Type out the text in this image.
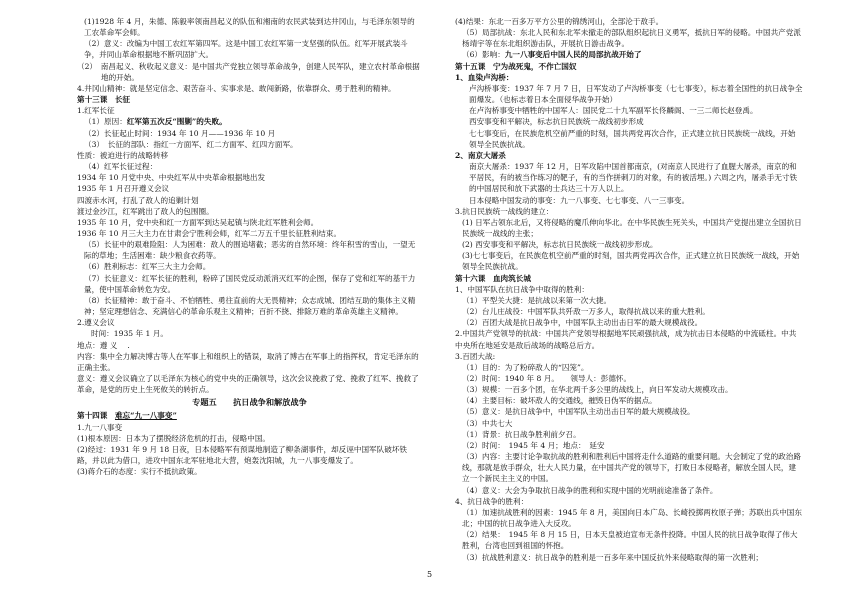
(1)1928 年 4 月，朱德、陈毅率领南昌起义的队伍和湘南的农民武装到达井冈山，与毛泽东领导的工农革命军会师。

（2）意义：改编为中国工农红军第四军。这是中国工农红军第一支坚强的队伍。红军开展武装斗争，并同山革命根据地不断巩固扩大。

（2）　南昌起义、秋收起义意义：是中国共产党独立领导革命战争，创建人民军队，建立农村革命根据地的开始。

4.井冈山精神：就是坚定信念、艰苦奋斗、实事求是、敢闯新路，依靠群众、勇于胜利的精神。

第十三课　长征

1.红军长征

（1）原因：红军第五次反“围剿”的失败。

（2）长征起止时间：1934 年 10 月——1936 年 10 月

（3）　长征的部队：指红一方面军、红二方面军、红四方面军。

性质：被迫进行的战略转移

（4）红军长征过程：

1934 年 10 月党中央、中央红军从中央革命根据地出发

1935 年 1 月召开遵义会议

四渡赤水河，打乱了敌人的追剿计划

渡过金沙江，红军跳出了敌人的包围圈。

1935 年 10 月，党中央和红一方面军到达吴起镇与陕北红军胜利会师。

1936 年 10 月三大主力在甘肃会宁胜利会师，红军二万五千里长征胜利结束。

（5）长征中的艰难险阻：人为困难：敌人的围追堵截；恶劣的自然环境：终年积雪的雪山，一望无际的草地；生活困难：缺少粮食衣药等。

（6）胜利标志：红军三大主力会师。

（7）长征意义：红军长征的胜利，粉碎了国民党反动派消灭红军的企图，保存了党和红军的基干力量，使中国革命转危为安。

（8）长征精神：敢于奋斗、不怕牺牲、勇往直前的大无畏精神；众志成城、团结互助的集体主义精神；坚定理想信念、充满信心的革命乐观主义精神；百折不挠、排除万难的革命英雄主义精神。

2.遵义会议

时间：1935 年 1 月。

地点：遵 义 　.

内容：集中全力解决博古等人在军事上和组织上的错误，取消了博古在军事上的指挥权，肯定毛泽东的正确主张。

意义：遵义会议确立了以毛泽东为核心的党中央的正确领导，这次会议挽救了党、挽救了红军、挽救了革命，是党的历史上生死攸关的转折点。

专题五　　抗日战争和解放战争

第十四课　难忘“九一八事变”

1.九一八事变

(1)根本原因：日本为了摆脱经济危机的打击，侵略中国。

(2)经过：1931 年 9 月 18 日夜，日本侵略军有预谋地制造了柳条湖事件，却反诬中国军队破坏铁路，并以此为借口，进攻中国东北军驻地北大营，炮轰沈阳城，九一八事变爆发了。

(3)蒋介石的态度：实行不抵抗政策。

(4)结果：东北一百多万平方公里的锦绣河山，全部沦于敌手。

（5）局部抗战：东北人民和东北军未撤走的部队组织起抗日义勇军，抵抗日军的侵略。中国共产党派杨靖宇等在东北组织游击队，开展抗日游击战争。

（6）影响：九一八事变后中国人民的局部抗战开始了

第十五课　宁为战死鬼，不作亡国奴

1、血染卢沟桥：

卢沟桥事变：1937 年 7 月 7 日，日军发动了卢沟桥事变（七七事变），标志着全国性的抗日战争全面爆发。（也标志着日本全面侵华战争开始）

在卢沟桥事变中牺牲的中国军人：国民党二十九军副军长佟麟阁、一三二师长赵登禹。

西安事变和平解决，标志抗日民族统一战线初步形成

七七事变后，在民族危机空前严重的时刻，国共两党再次合作，正式建立抗日民族统一战线，开始领导全民族抗战。

2、南京大屠杀

南京大屠杀：1937 年 12 月，日军攻陷中国首都南京，(对南京人民进行了血腥大屠杀，南京的和平居民，有的被当作练习的靶子，有的当作拼刺刀的对象，有的被活埋。) 六周之内，屠杀手无寸铁的中国居民和放下武器的士兵达三十万人以上。

日本侵略中国发动的事变：九一八事变、七七事变、八一三事变。

3.抗日民族统一战线的建立：

(1) 日军占领东北后，又将侵略的魔爪伸向华北。在中华民族生死关头，中国共产党提出建立全国抗日民族统一战线的主张；

(2) 西安事变和平解决，标志抗日民族统一战线初步形成。

(3)七七事变后，在民族危机空前严重的时刻，国共两党再次合作，正式建立抗日民族统一战线，开始领导全民族抗战。

第十六课　血肉筑长城

1、中国军队在抗日战争中取得的胜利：

（1）平型关大捷：是抗战以来第一次大捷。

（2）台儿庄战役：中国军队共歼敌一万多人，取得抗战以来的重大胜利。

（2）百团大战是抗日战争中，中国军队主动出击日军的最大规模战役。

2.中国共产党领导的抗战：中国共产党领导根据地军民顽强抗战，成为抗击日本侵略的中流砥柱。中共中央所在地延安是敌后战场的战略总后方。

3.百团大战:

（1）目的：为了粉碎敌人的“囚笼”。

（2）时间：1940 年 8 月。　　领导人：彭德怀。

（3）规模：一百多个团，在华北两千多公里的战线上，向日军发动大规模攻击。

（4）主要目标：破坏敌人的交通线，摧毁日伪军的据点。

（5）意义：是抗日战争中，中国军队主动出击日军的最大规模战役。

（3）中共七大

（1）背景：抗日战争胜利前夕召。

（2）时间：　1945 年 4 月；地点：　延安

（3）内容：主要讨论争取抗战的胜利和胜利后中国将走什么道路的重要问题。大会制定了党的政治路线，那就是放手群众，壮大人民力量，在中国共产党的领导下，打败日本侵略者，解放全国人民，建立一个新民主主义的中国。

（4）意义：大会为争取抗日战争的胜利和实现中国的光明前途准备了条件。

4、抗日战争的胜利：

（1）加速抗战胜利的因素：1945 年 8 月，美国向日本广岛、长崎投掷两枚原子弹；苏联出兵中国东北；中国的抗日战争进入大反攻。

（2）结果：　1945 年 8 月 15 日，日本天皇被迫宣布无条件投降。中国人民的抗日战争取得了伟大胜利，台湾也回到祖国的怀抱。

（3）抗战胜利意义：抗日战争的胜利是一百多年来中国反抗外来侵略取得的第一次胜利；

5
